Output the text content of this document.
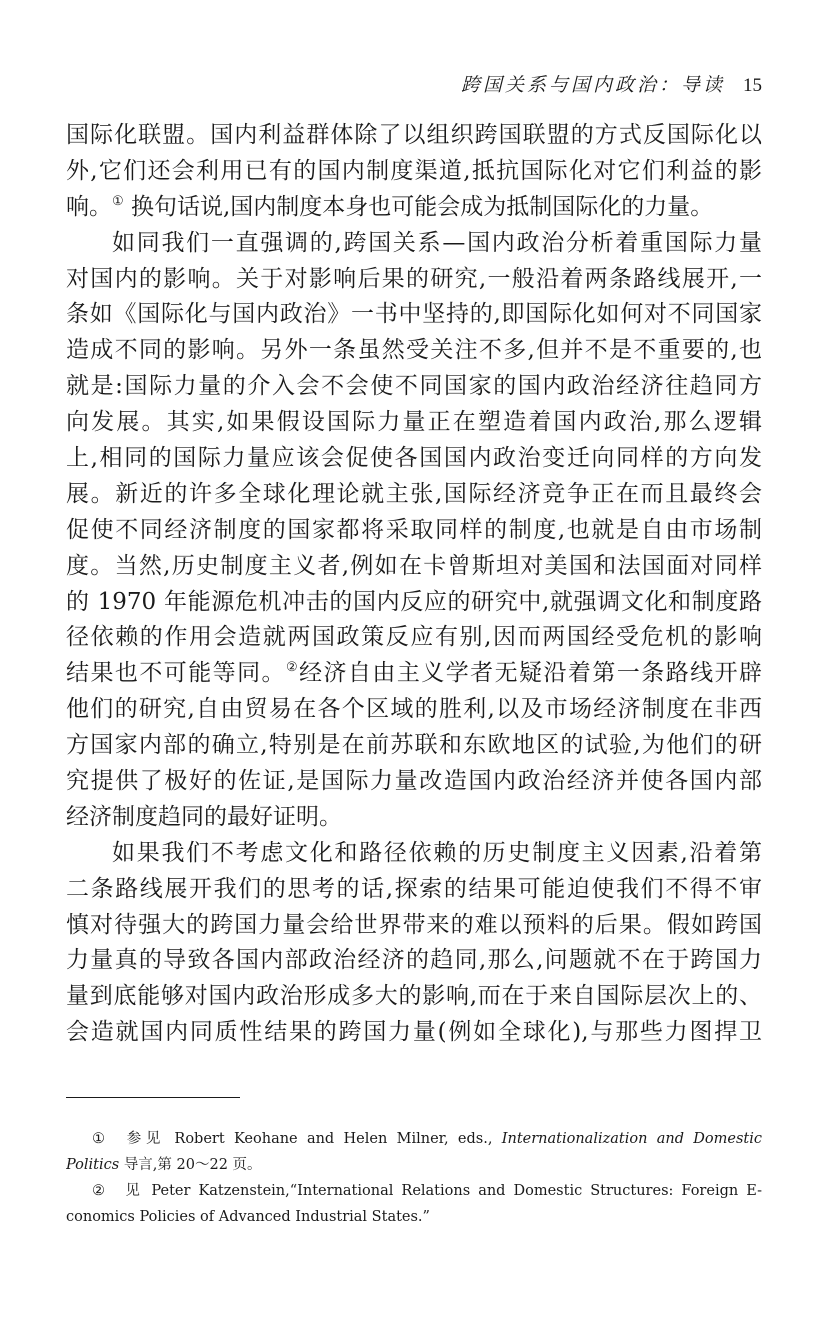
跨国关系与国内政治：导读 15
国际化联盟。国内利益群体除了以组织跨国联盟的方式反国际化以
外,它们还会利用已有的国内制度渠道,抵抗国际化对它们利益的影
响。① 换句话说,国内制度本身也可能会成为抵制国际化的力量。
如同我们一直强调的,跨国关系—国内政治分析着重国际力量
对国内的影响。关于对影响后果的研究,一般沿着两条路线展开,一
条如《国际化与国内政治》一书中坚持的,即国际化如何对不同国家
造成不同的影响。另外一条虽然受关注不多,但并不是不重要的,也
就是:国际力量的介入会不会使不同国家的国内政治经济往趋同方
向发展。其实,如果假设国际力量正在塑造着国内政治,那么逻辑
上,相同的国际力量应该会促使各国国内政治变迁向同样的方向发
展。新近的许多全球化理论就主张,国际经济竞争正在而且最终会
促使不同经济制度的国家都将采取同样的制度,也就是自由市场制
度。当然,历史制度主义者,例如在卡曾斯坦对美国和法国面对同样
的 1970 年能源危机冲击的国内反应的研究中,就强调文化和制度路
径依赖的作用会造就两国政策反应有别,因而两国经受危机的影响
结果也不可能等同。②经济自由主义学者无疑沿着第一条路线开辟
他们的研究,自由贸易在各个区域的胜利,以及市场经济制度在非西
方国家内部的确立,特别是在前苏联和东欧地区的试验,为他们的研
究提供了极好的佐证,是国际力量改造国内政治经济并使各国内部
经济制度趋同的最好证明。
如果我们不考虑文化和路径依赖的历史制度主义因素,沿着第
二条路线展开我们的思考的话,探索的结果可能迫使我们不得不审
慎对待强大的跨国力量会给世界带来的难以预料的后果。假如跨国
力量真的导致各国内部政治经济的趋同,那么,问题就不在于跨国力
量到底能够对国内政治形成多大的影响,而在于来自国际层次上的、
会造就国内同质性结果的跨国力量(例如全球化),与那些力图捍卫
① 参见 Robert Keohane and Helen Milner, eds., Internationalization and Domestic
Politics 导言,第 20～22 页。
② 见 Peter Katzenstein,“International Relations and Domestic Structures: Foreign E-
conomics Policies of Advanced Industrial States.”
